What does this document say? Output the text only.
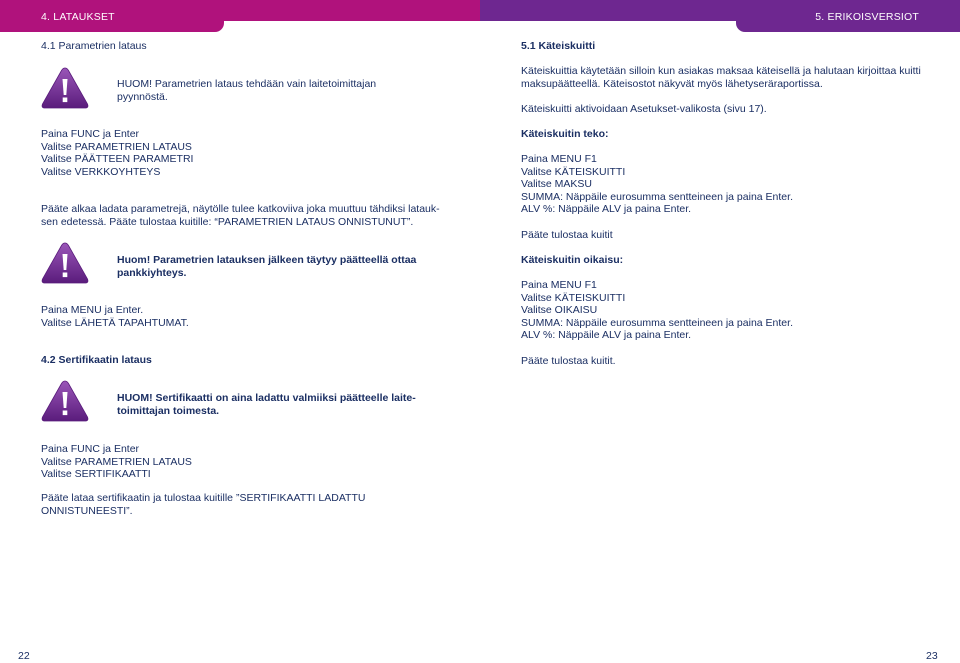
4. LATAUKSET	5. ERIKOISVERSIOT
4.1 Parametrien lataus
HUOM! Parametrien lataus tehdään vain laitetoimittajan pyynnöstä.
Paina FUNC ja Enter
Valitse PARAMETRIEN LATAUS
Valitse PÄÄTTEEN PARAMETRI
Valitse VERKKOYHTEYS
Pääte alkaa ladata parametrejä, näytölle tulee katkoviiva joka muuttuu tähdiksi latauk-
sen edetessä. Pääte tulostaa kuitille: “PARAMETRIEN LATAUS ONNISTUNUT”.
Huom! Parametrien latauksen jälkeen täytyy päätteellä ottaa
pankkiyhteys.
Paina MENU ja Enter.
Valitse LÄHETÄ TAPAHTUMAT.
4.2 Sertifikaatin lataus
HUOM! Sertifikaatti on aina ladattu valmiiksi päätteelle laite-
toimittajan toimesta.
Paina FUNC ja Enter
Valitse PARAMETRIEN LATAUS
Valitse SERTIFIKAATTI
Pääte lataa sertifikaatin ja tulostaa kuitille ”SERTIFIKAATTI LADATTU
ONNISTUNEESTI”.
22
5.1 Käteiskuitti
Käteiskuittia käytetään silloin kun asiakas maksaa käteisellä ja halutaan kirjoittaa kuitti
maksupäätteellä. Käteisostot näkyvät myös lähetyseräraportissa.
Käteiskuitti aktivoidaan Asetukset-valikosta (sivu 17).
Käteiskuitin teko:
Paina MENU F1
Valitse KÄTEISKUITTI
Valitse MAKSU
SUMMA: Näppäile eurosumma sentteineen ja paina Enter.
ALV %: Näppäile ALV ja paina Enter.
Pääte tulostaa kuitit
Käteiskuitin oikaisu:
Paina MENU F1
Valitse KÄTEISKUITTI
Valitse OIKAISU
SUMMA: Näppäile eurosumma sentteineen ja paina Enter.
ALV %: Näppäile ALV ja paina Enter.
Pääte tulostaa kuitit.
23
